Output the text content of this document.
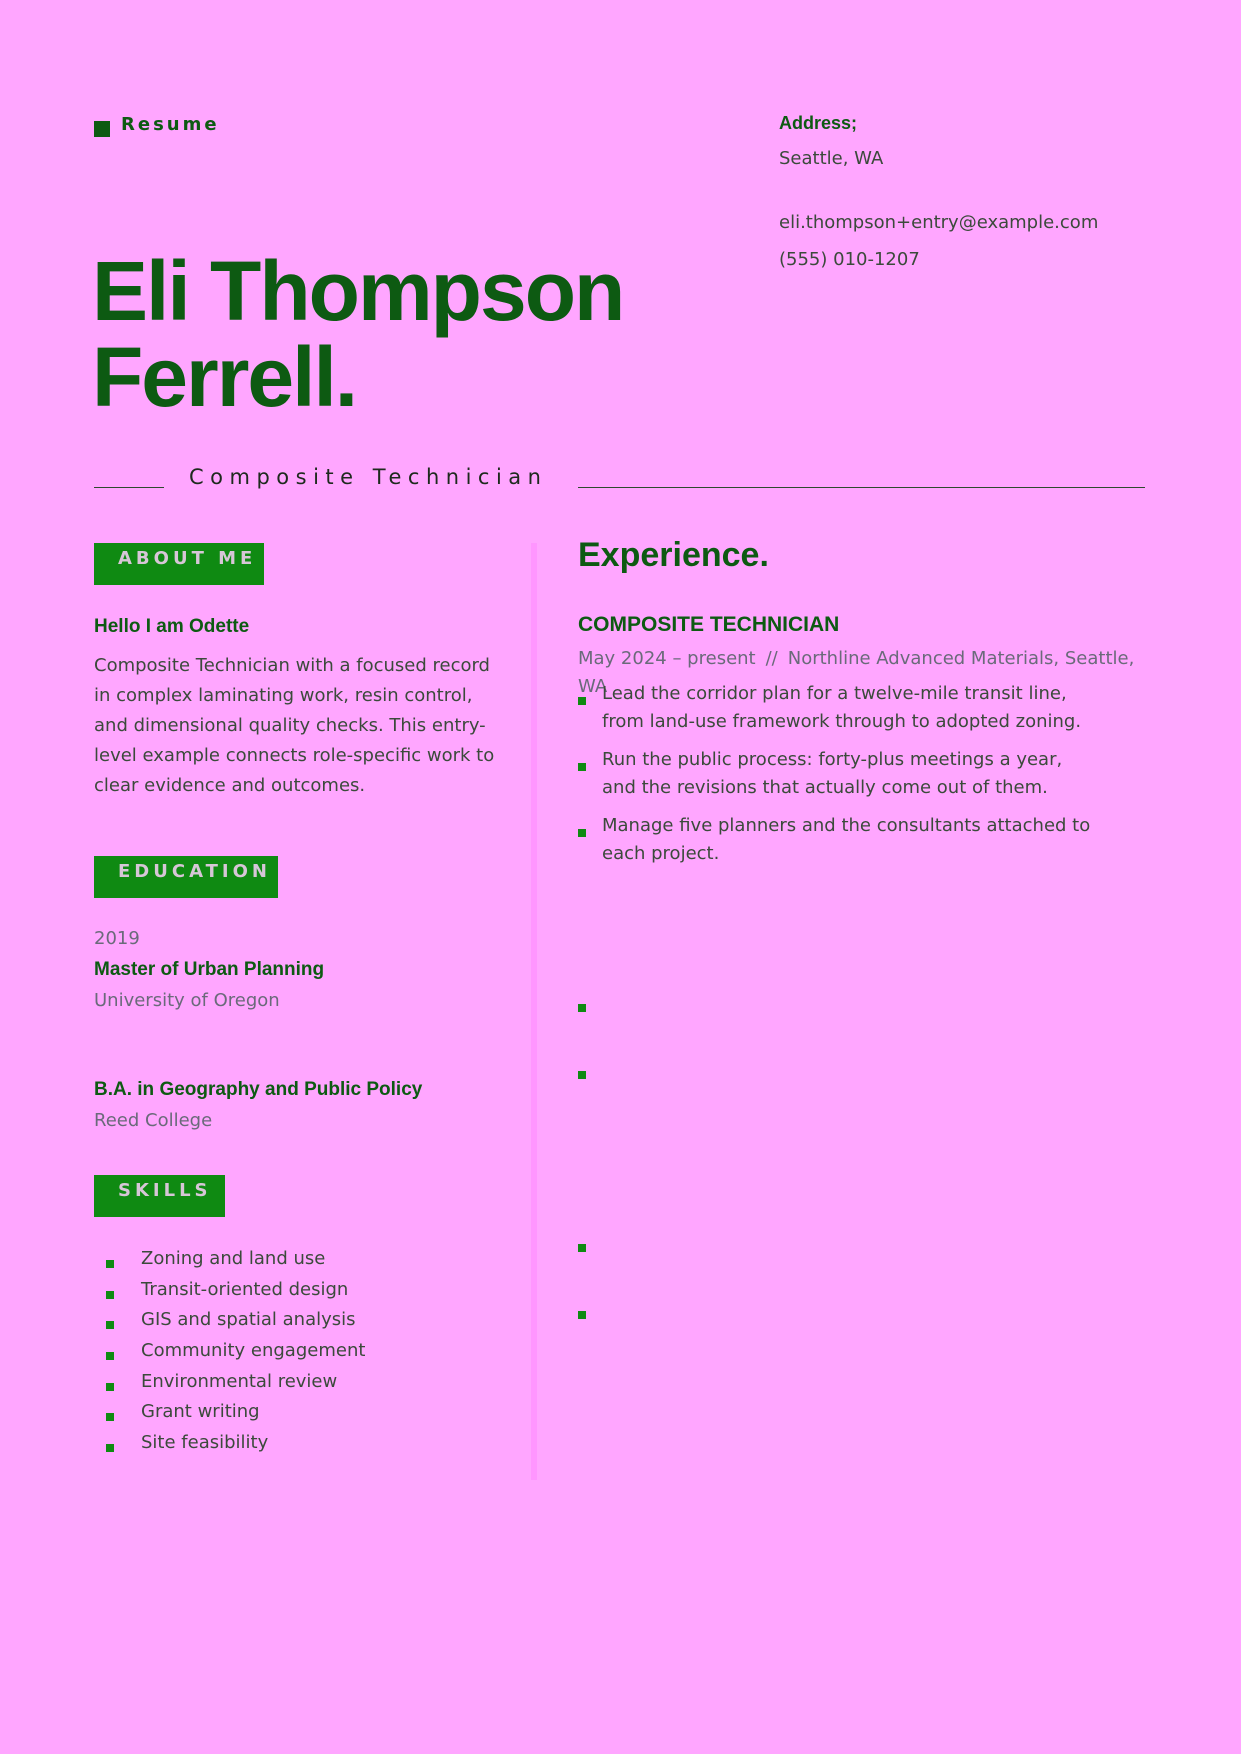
Resume
Eli Thompson
Ferrell.
Address;
Seattle, WA
eli.thompson+entry@example.com
(555) 010-1207
Composite Technician
ABOUT ME
Hello I am Odette
Composite Technician with a focused record in complex laminating work, resin control, and dimensional quality checks. This entry-level example connects role-specific work to clear evidence and outcomes.
EDUCATION
2019
Master of Urban Planning
University of Oregon
B.A. in Geography and Public Policy
Reed College
SKILLS
Zoning and land use
Transit-oriented design
GIS and spatial analysis
Community engagement
Environmental review
Grant writing
Site feasibility
Experience.
COMPOSITE TECHNICIAN
May 2024 – present // Northline Advanced Materials, Seattle, WA
Lead the corridor plan for a twelve-mile transit line, from land-use framework through to adopted zoning.
Run the public process: forty-plus meetings a year, and the revisions that actually come out of them.
Manage five planners and the consultants attached to each project.
